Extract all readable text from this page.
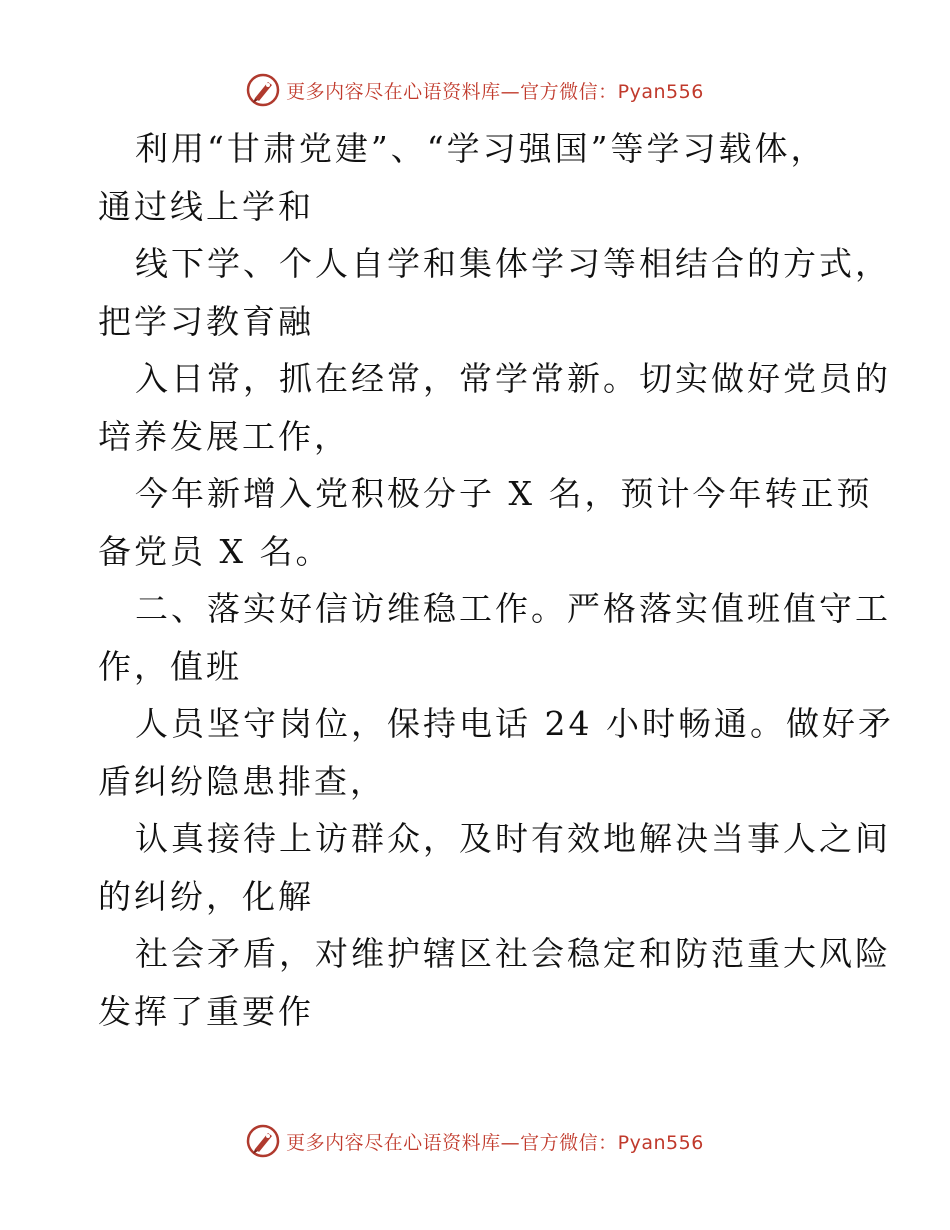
更多内容尽在心语资料库—官方微信：Pyan556
利用“甘肃党建”、“学习强国”等学习载体，
通过线上学和
线下学、个人自学和集体学习等相结合的方式，
把学习教育融
入日常，抓在经常，常学常新。切实做好党员的
培养发展工作，
今年新增入党积极分子 X 名，预计今年转正预
备党员 X 名。
二、落实好信访维稳工作。严格落实值班值守工
作，值班
人员坚守岗位，保持电话 24 小时畅通。做好矛
盾纠纷隐患排查，
认真接待上访群众，及时有效地解决当事人之间
的纠纷，化解
社会矛盾，对维护辖区社会稳定和防范重大风险
发挥了重要作
更多内容尽在心语资料库—官方微信：Pyan556
